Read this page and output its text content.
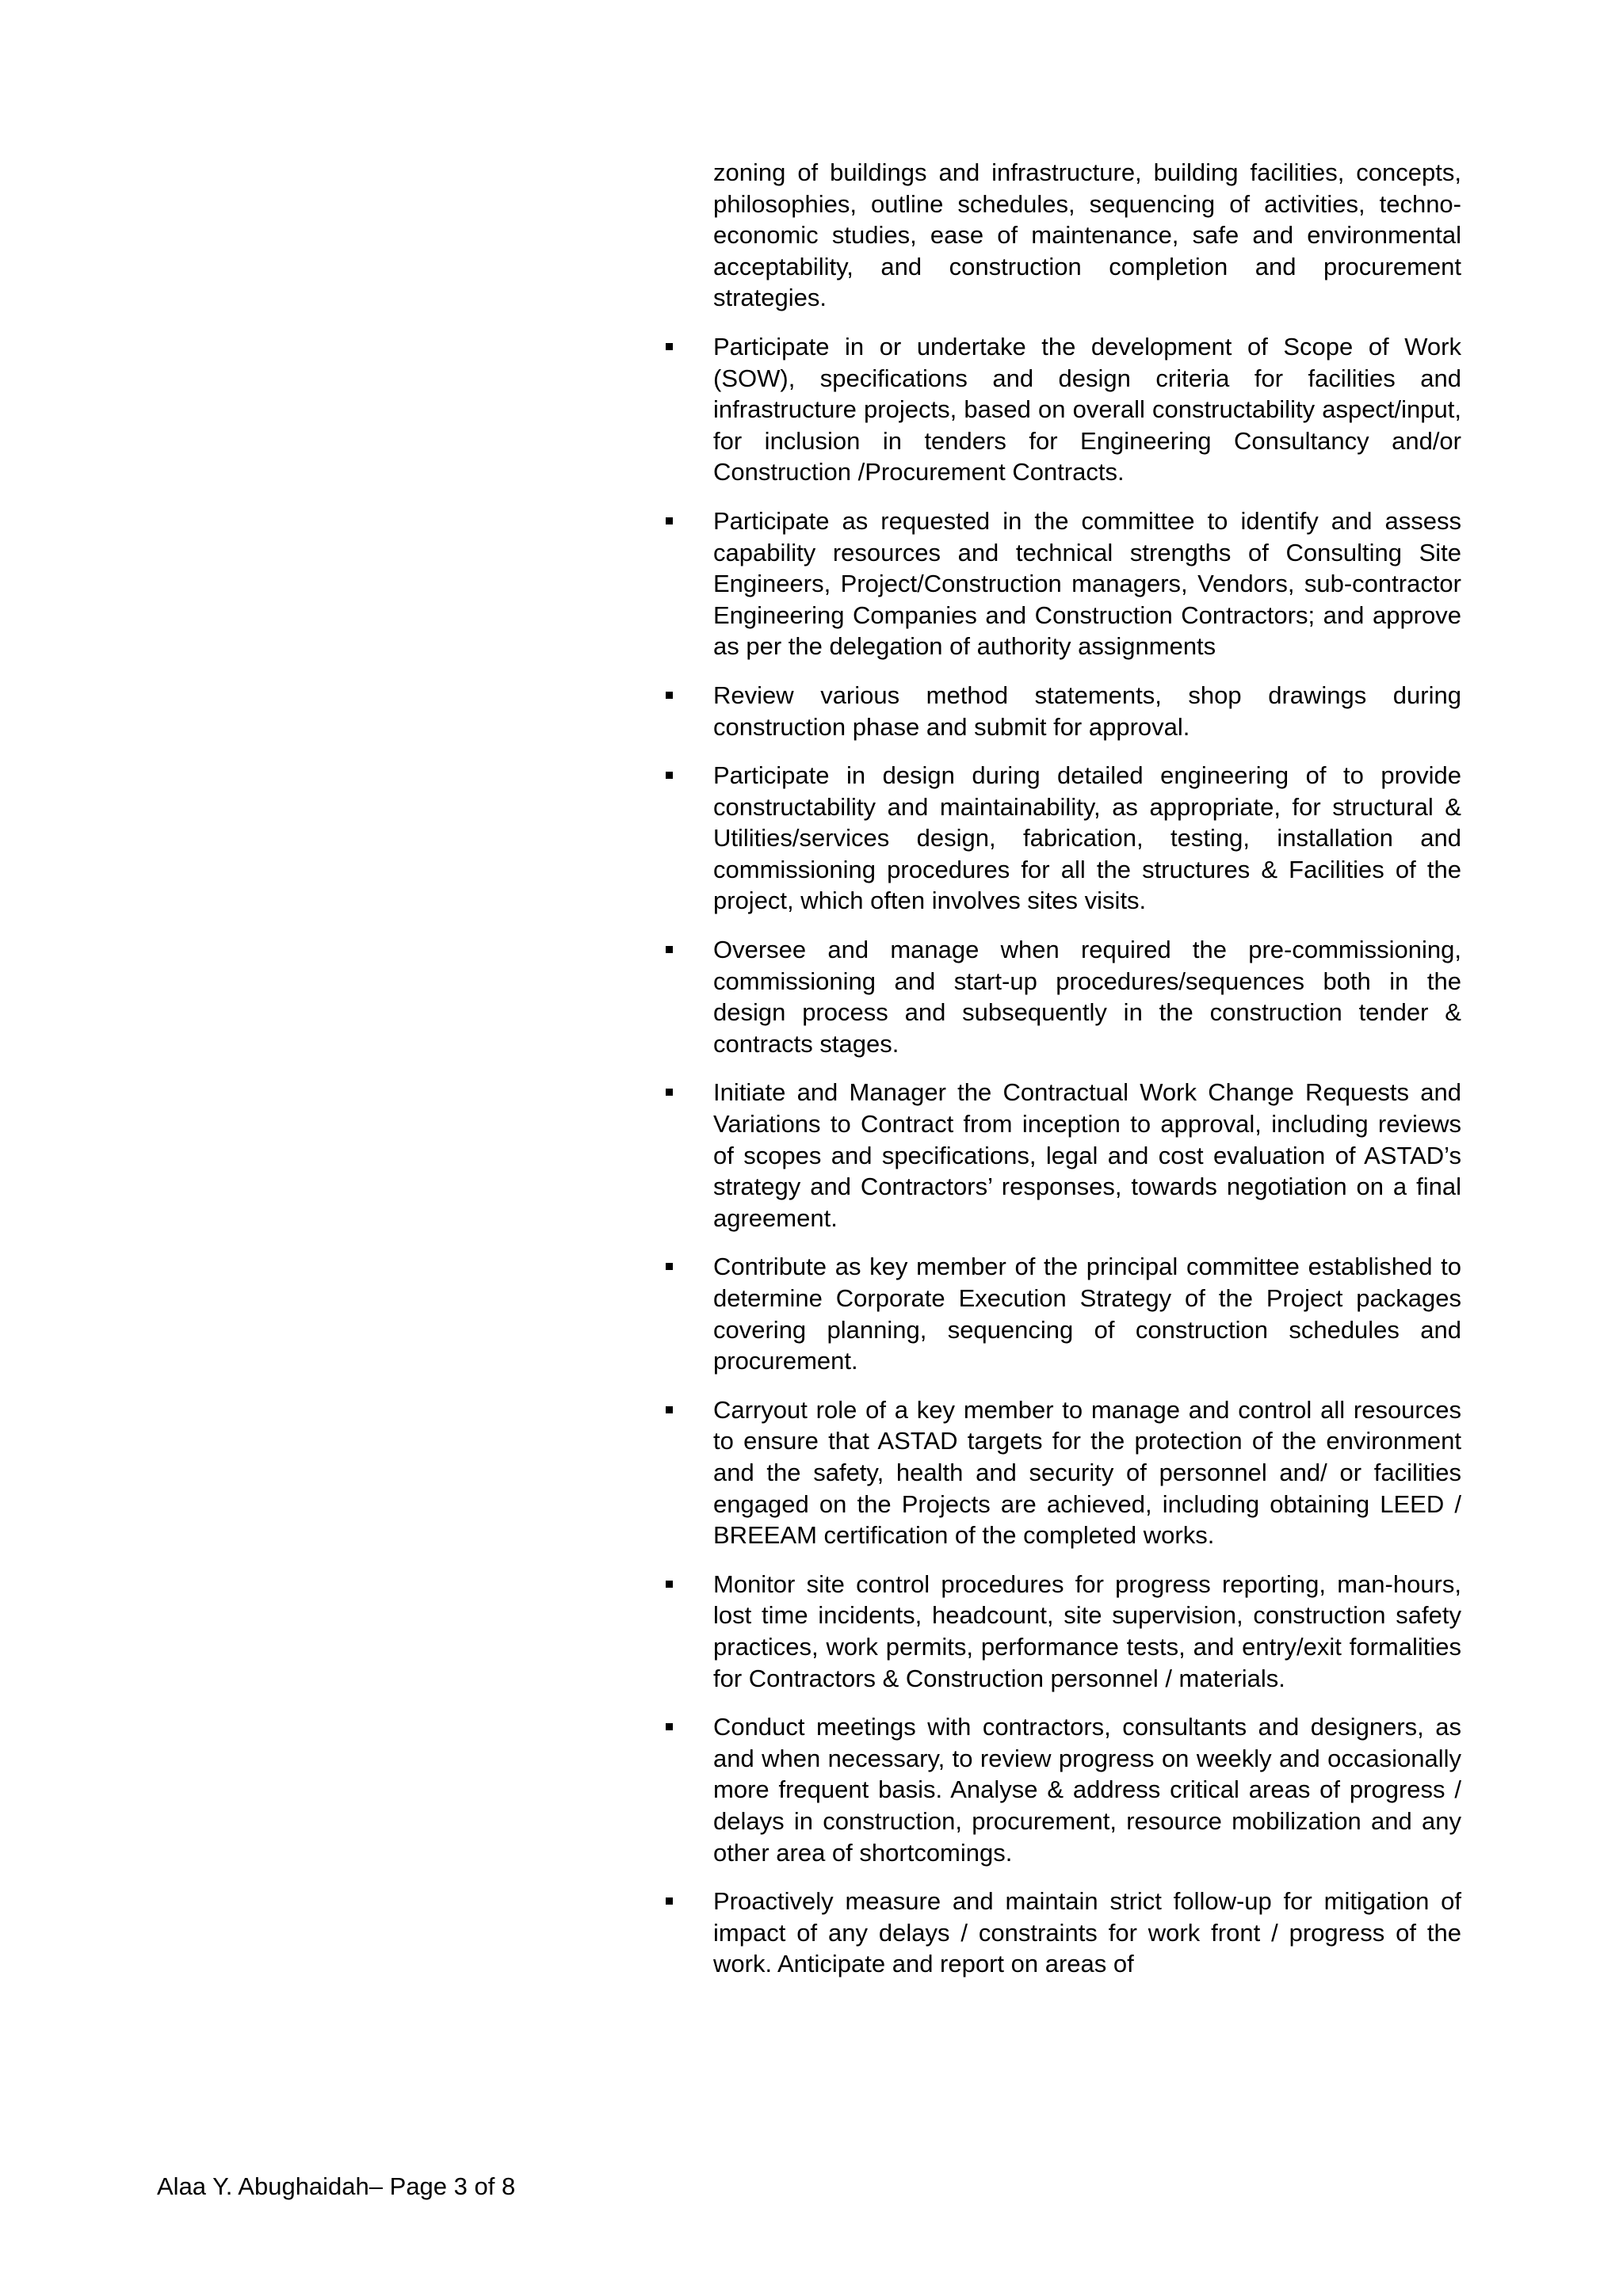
zoning of buildings and infrastructure, building facilities, concepts, philosophies, outline schedules, sequencing of activities, techno-economic studies, ease of maintenance, safe and environmental acceptability, and construction completion and procurement strategies.

Participate in or undertake the development of Scope of Work (SOW), specifications and design criteria for facilities and infrastructure projects, based on overall constructability aspect/input, for inclusion in tenders for Engineering Consultancy and/or Construction /Procurement Contracts.
Participate as requested in the committee to identify and assess capability resources and technical strengths of Consulting Site Engineers, Project/Construction managers, Vendors, sub-contractor Engineering Companies and Construction Contractors; and approve as per the delegation of authority assignments
Review various method statements, shop drawings during construction phase and submit for approval.
Participate in design during detailed engineering of to provide constructability and maintainability, as appropriate, for structural & Utilities/services design, fabrication, testing, installation and commissioning procedures for all the structures & Facilities of the project, which often involves sites visits.
Oversee and manage when required the pre-commissioning, commissioning and start-up procedures/sequences both in the design process and subsequently in the construction tender & contracts stages.
Initiate and Manager the Contractual Work Change Requests and Variations to Contract from inception to approval, including reviews of scopes and specifications, legal and cost evaluation of ASTAD’s strategy and Contractors’ responses, towards negotiation on a final agreement.
Contribute as key member of the principal committee established to determine Corporate Execution Strategy of the Project packages covering planning, sequencing of construction schedules and procurement.
Carryout role of a key member to manage and control all resources to ensure that ASTAD targets for the protection of the environment and the safety, health and security of personnel and/ or facilities engaged on the Projects are achieved, including obtaining LEED / BREEAM certification of the completed works.
Monitor site control procedures for progress reporting, man-hours, lost time incidents, headcount, site supervision, construction safety practices, work permits, performance tests, and entry/exit formalities for Contractors & Construction personnel / materials.
Conduct meetings with contractors, consultants and designers, as and when necessary, to review progress on weekly and occasionally more frequent basis. Analyse & address critical areas of progress / delays in construction, procurement, resource mobilization and any other area of shortcomings.
Proactively measure and maintain strict follow-up for mitigation of impact of any delays / constraints for work front / progress of the work. Anticipate and report on areas of
Alaa Y. Abughaidah– Page 3 of 8
